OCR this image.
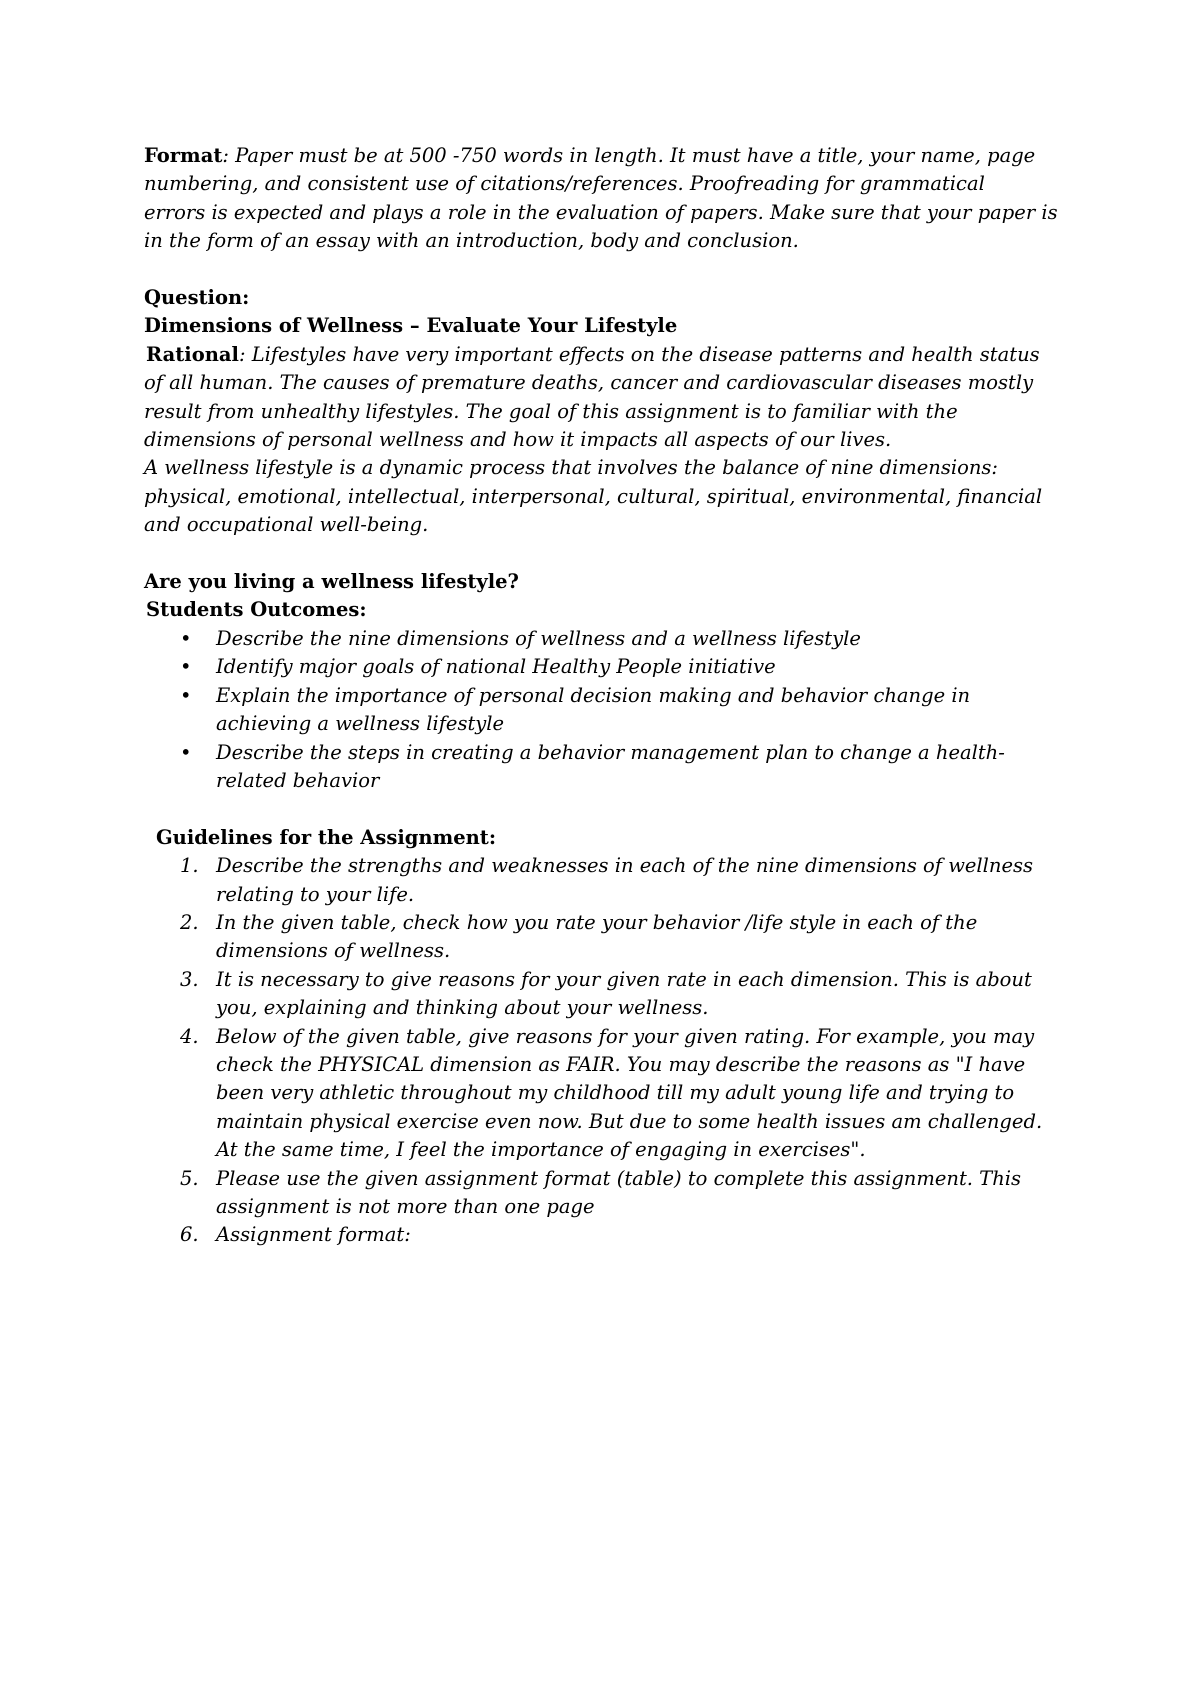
Format: Paper must be at 500 -750 words in length. It must have a title, your name, page
numbering, and consistent use of citations/references. Proofreading for grammatical
errors is expected and plays a role in the evaluation of papers. Make sure that your paper is
in the form of an essay with an introduction, body and conclusion.
Question:
Dimensions of Wellness – Evaluate Your Lifestyle
Rational: Lifestyles have very important effects on the disease patterns and health status
of all human. The causes of premature deaths, cancer and cardiovascular diseases mostly
result from unhealthy lifestyles. The goal of this assignment is to familiar with the
dimensions of personal wellness and how it impacts all aspects of our lives.
A wellness lifestyle is a dynamic process that involves the balance of nine dimensions:
physical, emotional, intellectual, interpersonal, cultural, spiritual, environmental, financial
and occupational well-being.
Are you living a wellness lifestyle?
Students Outcomes:
•	Describe the nine dimensions of wellness and a wellness lifestyle
•	Identify major goals of national Healthy People initiative
•	Explain the importance of personal decision making and behavior change in
achieving a wellness lifestyle
•	Describe the steps in creating a behavior management plan to change a health-
related behavior
Guidelines for the Assignment:
1. Describe the strengths and weaknesses in each of the nine dimensions of wellness
relating to your life.
2. In the given table, check how you rate your behavior /life style in each of the
dimensions of wellness.
3. It is necessary to give reasons for your given rate in each dimension. This is about
you, explaining and thinking about your wellness.
4. Below of the given table, give reasons for your given rating. For example, you may
check the PHYSICAL dimension as FAIR. You may describe the reasons as "I have
been very athletic throughout my childhood till my adult young life and trying to
maintain physical exercise even now. But due to some health issues am challenged.
At the same time, I feel the importance of engaging in exercises".
5. Please use the given assignment format (table) to complete this assignment. This
assignment is not more than one page
6. Assignment format:
